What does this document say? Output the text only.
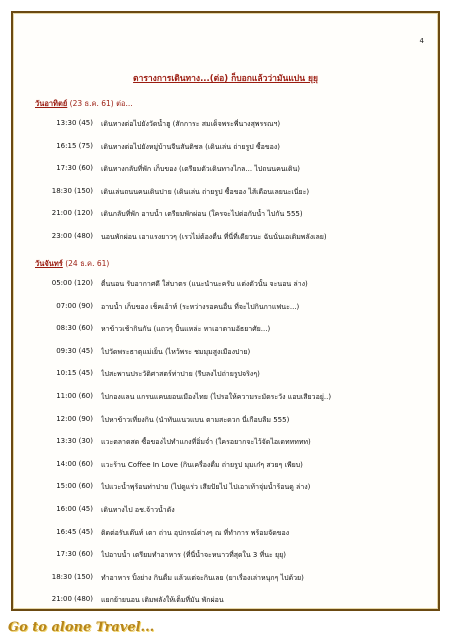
4
ตารางการเดินทาง...(ต่อ) ก็บอกแล้วว่ามันแปน ยุยุ
วันอาทิตย์ (23 ธ.ค. 61) ต่อ...
13:30 (45) เดินทางต่อไปยังวัดน้ำฮู (สักการะ สมเด็จพระพี่นางสุพรรณฯ)
16:15 (75) เดินทางต่อไปยังหมู่บ้านจีนสันติชล (เดินเล่น ถ่ายรูป ซื้อของ)
17:30 (60) เดินทางกลับที่พัก เก็บของ (เตรียมตัวเดินทางไกล... ไปถนนคนเดิน)
18:30 (150) เดินเล่นถนนคนเดินปาย (เดินเล่น ถ่ายรูป ซื้อของ ไส้เดือนเลยนะเนี่ยะ)
21:00 (120) เดินกลับที่พัก อาบน้ำ เตรียมพักผ่อน (ใครจะไปต่อกับน้ำ ไปกัน 555)
23:00 (480) นอนพักผ่อน เอาแรงยาวๆ (เรวไม่ต้องตื่น ที่นี่ที่เดียวนะ ฉันนั่นเอเติมพลังเลย)
วันจันทร์ (24 ธ.ค. 61)
05:00 (120) ตื่นนอน รับอากาศดี ใส่บาตร (แนะนำนะครับ แต่งตัวนั้น จะนอน ล่าง)
07:00 (90) อาบน้ำ เก็บของ เช็คเอ้าท์ (ระหว่างรอคนอื่น ที่จะไปกินกาแฟนะ...)
08:30 (60) หาข้าวเช้ากินกัน (แถวๆ ปั้นแหล่ะ หาเอาตามอัธยาศัย...)
09:30 (45) ไปวัดพระธาตุแม่เย็น (ไหว้พระ ชมมุมสูงเมืองปาย)
10:15 (45) ไปสะพานประวัติศาสตร์ท่าปาย (รีบลงไปถ่ายรูปจริงๆ)
11:00 (60) ไปกองแลน แกรนแคนยอนเมืองไทย (ไปรอให้ความระมัดระวัง แอบเสียวอยู่..)
12:00 (90) ไปหาข้าวเที่ยงกิน (นำทันแนวแบน ตามสะดวก นี่เกือบลืม 555)
13:30 (30) แวะตลาดสด ซื้อของไปทำแกงที่อิ่มจ่ำ (ใครอยากจะไว้จัดไอเดททททท)
14:00 (60) แวะร้าน Coffee In Love (กินเครื่องดื่ม ถ่ายรูป มุมเก๋ๆ สวยๆ เพียบ)
15:00 (60) ไปแวะน้ำพุร้อนท่าปาย (ไปดูแร่ว เสียปัยไป ไปเอาเท้าจุ่มน้ำร้อนดู ล่าง)
16:00 (45) เดินทางไป อช.จ้าวน้ำดัง
16:45 (45) ติดต่อรับเต๊นท์ เตา ถ่าน อุปกรณ์ต่างๆ ณ ที่ทำการ พร้อมจัดของ
17:30 (60) ไปอาบน้ำ เตรียมทำอาหาร (ที่นี่น้ำจะหนาวที่สุดใน 3 ที่นะ ยุยุ)
18:30 (150) ทำอาหาร ปิ้งย่าง กินดื่ม แล้วแต่จะกินเลย (ยาเรื่องเล่าหนุกๆ ไปด้วย)
21:00 (480) แยกย้ายนอน เติมพลังให้เต็มที่มัน พักผ่อน
Go to alone Travel...
